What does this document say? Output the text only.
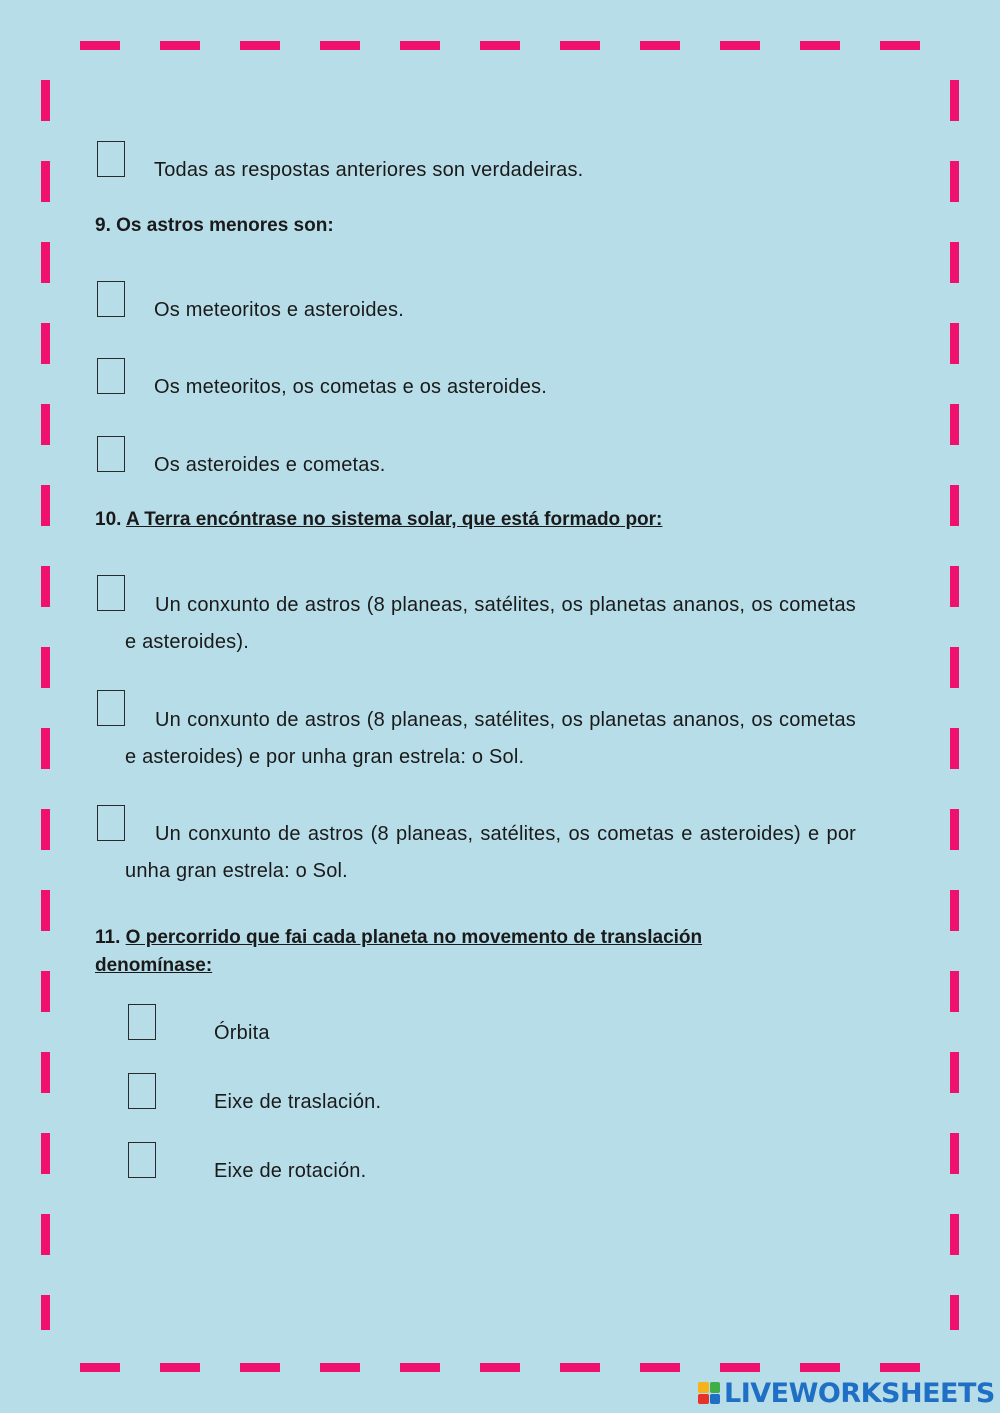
Todas as respostas anteriores son verdadeiras.
9. Os astros menores son:
Os meteoritos e asteroides.
Os meteoritos, os cometas e os asteroides.
Os asteroides e cometas.
10. A Terra encóntrase no sistema solar, que está formado por:
Un conxunto de astros (8 planeas, satélites, os planetas ananos, os cometas e asteroides).
Un conxunto de astros (8 planeas, satélites, os planetas ananos, os cometas e asteroides) e por unha gran estrela: o Sol.
Un conxunto de astros (8 planeas, satélites, os cometas e asteroides) e por unha gran estrela: o Sol.
11. O percorrido que fai cada planeta no movemento de translación
denomínase:
Órbita
Eixe de traslación.
Eixe de rotación.
LIVEWORKSHEETS
